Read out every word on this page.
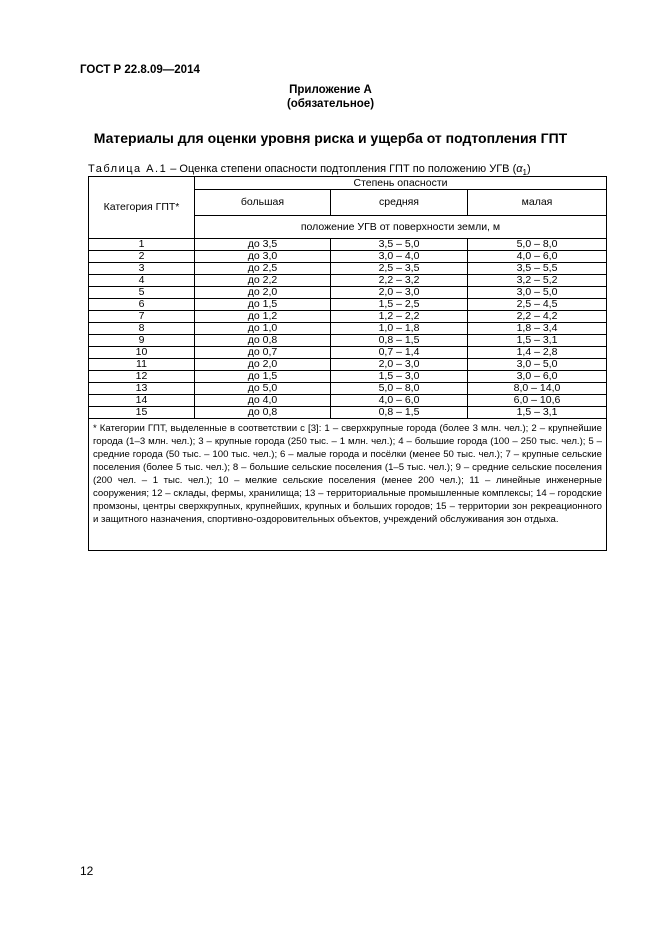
ГОСТ Р 22.8.09—2014
Приложение А
(обязательное)
Материалы для оценки уровня риска и ущерба от подтопления ГПТ
Таблица А.1 – Оценка степени опасности подтопления ГПТ по положению УГВ $(\alpha_1)$
Категория ГПТ*	Степень опасности		
	большая	средняя	малая
	положение УГВ от поверхности земли, м		
1	до 3,5	3,5 – 5,0	5,0 – 8,0
2	до 3,0	3,0 – 4,0	4,0 – 6,0
3	до 2,5	2,5 – 3,5	3,5 – 5,5
4	до 2,2	2,2 – 3,2	3,2 – 5,2
5	до 2,0	2,0 – 3,0	3,0 – 5,0
6	до 1,5	1,5 – 2,5	2,5 – 4,5
7	до 1,2	1,2 – 2,2	2,2 – 4,2
8	до 1,0	1,0 – 1,8	1,8 – 3,4
9	до 0,8	0,8 – 1,5	1,5 – 3,1
10	до 0,7	0,7 – 1,4	1,4 – 2,8
11	до 2,0	2,0 – 3,0	3,0 – 5,0
12	до 1,5	1,5 – 3,0	3,0 – 6,0
13	до 5,0	5,0 – 8,0	8,0 – 14,0
14	до 4,0	4,0 – 6,0	6,0 – 10,6
15	до 0,8	0,8 – 1,5	1,5 – 3,1
* Категории ГПТ, выделенные в соответствии с [3]: 1 – сверхкрупные города (более 3 млн. чел.); 2 – крупнейшие города (1–3 млн. чел.); 3 – крупные города (250 тыс. – 1 млн. чел.); 4 – большие города (100 – 250 тыс. чел.); 5 – средние города (50 тыс. – 100 тыс. чел.); 6 – малые города и посёлки (менее 50 тыс. чел.); 7 – крупные сельские поселения (более 5 тыс. чел.); 8 – большие сельские поселения (1–5 тыс. чел.); 9 – средние сельские поселения (200 чел. – 1 тыс. чел.); 10 – мелкие сельские поселения (менее 200 чел.); 11 – линейные инженерные сооружения; 12 – склады, фермы, хранилища; 13 – территориальные промышленные комплексы; 14 – городские промзоны, центры сверхкрупных, крупнейших, крупных и больших городов; 15 – территории зон рекреационного и защитного назначения, спортивно-оздоровительных объектов, учреждений обслуживания зон отдыха.			
12
